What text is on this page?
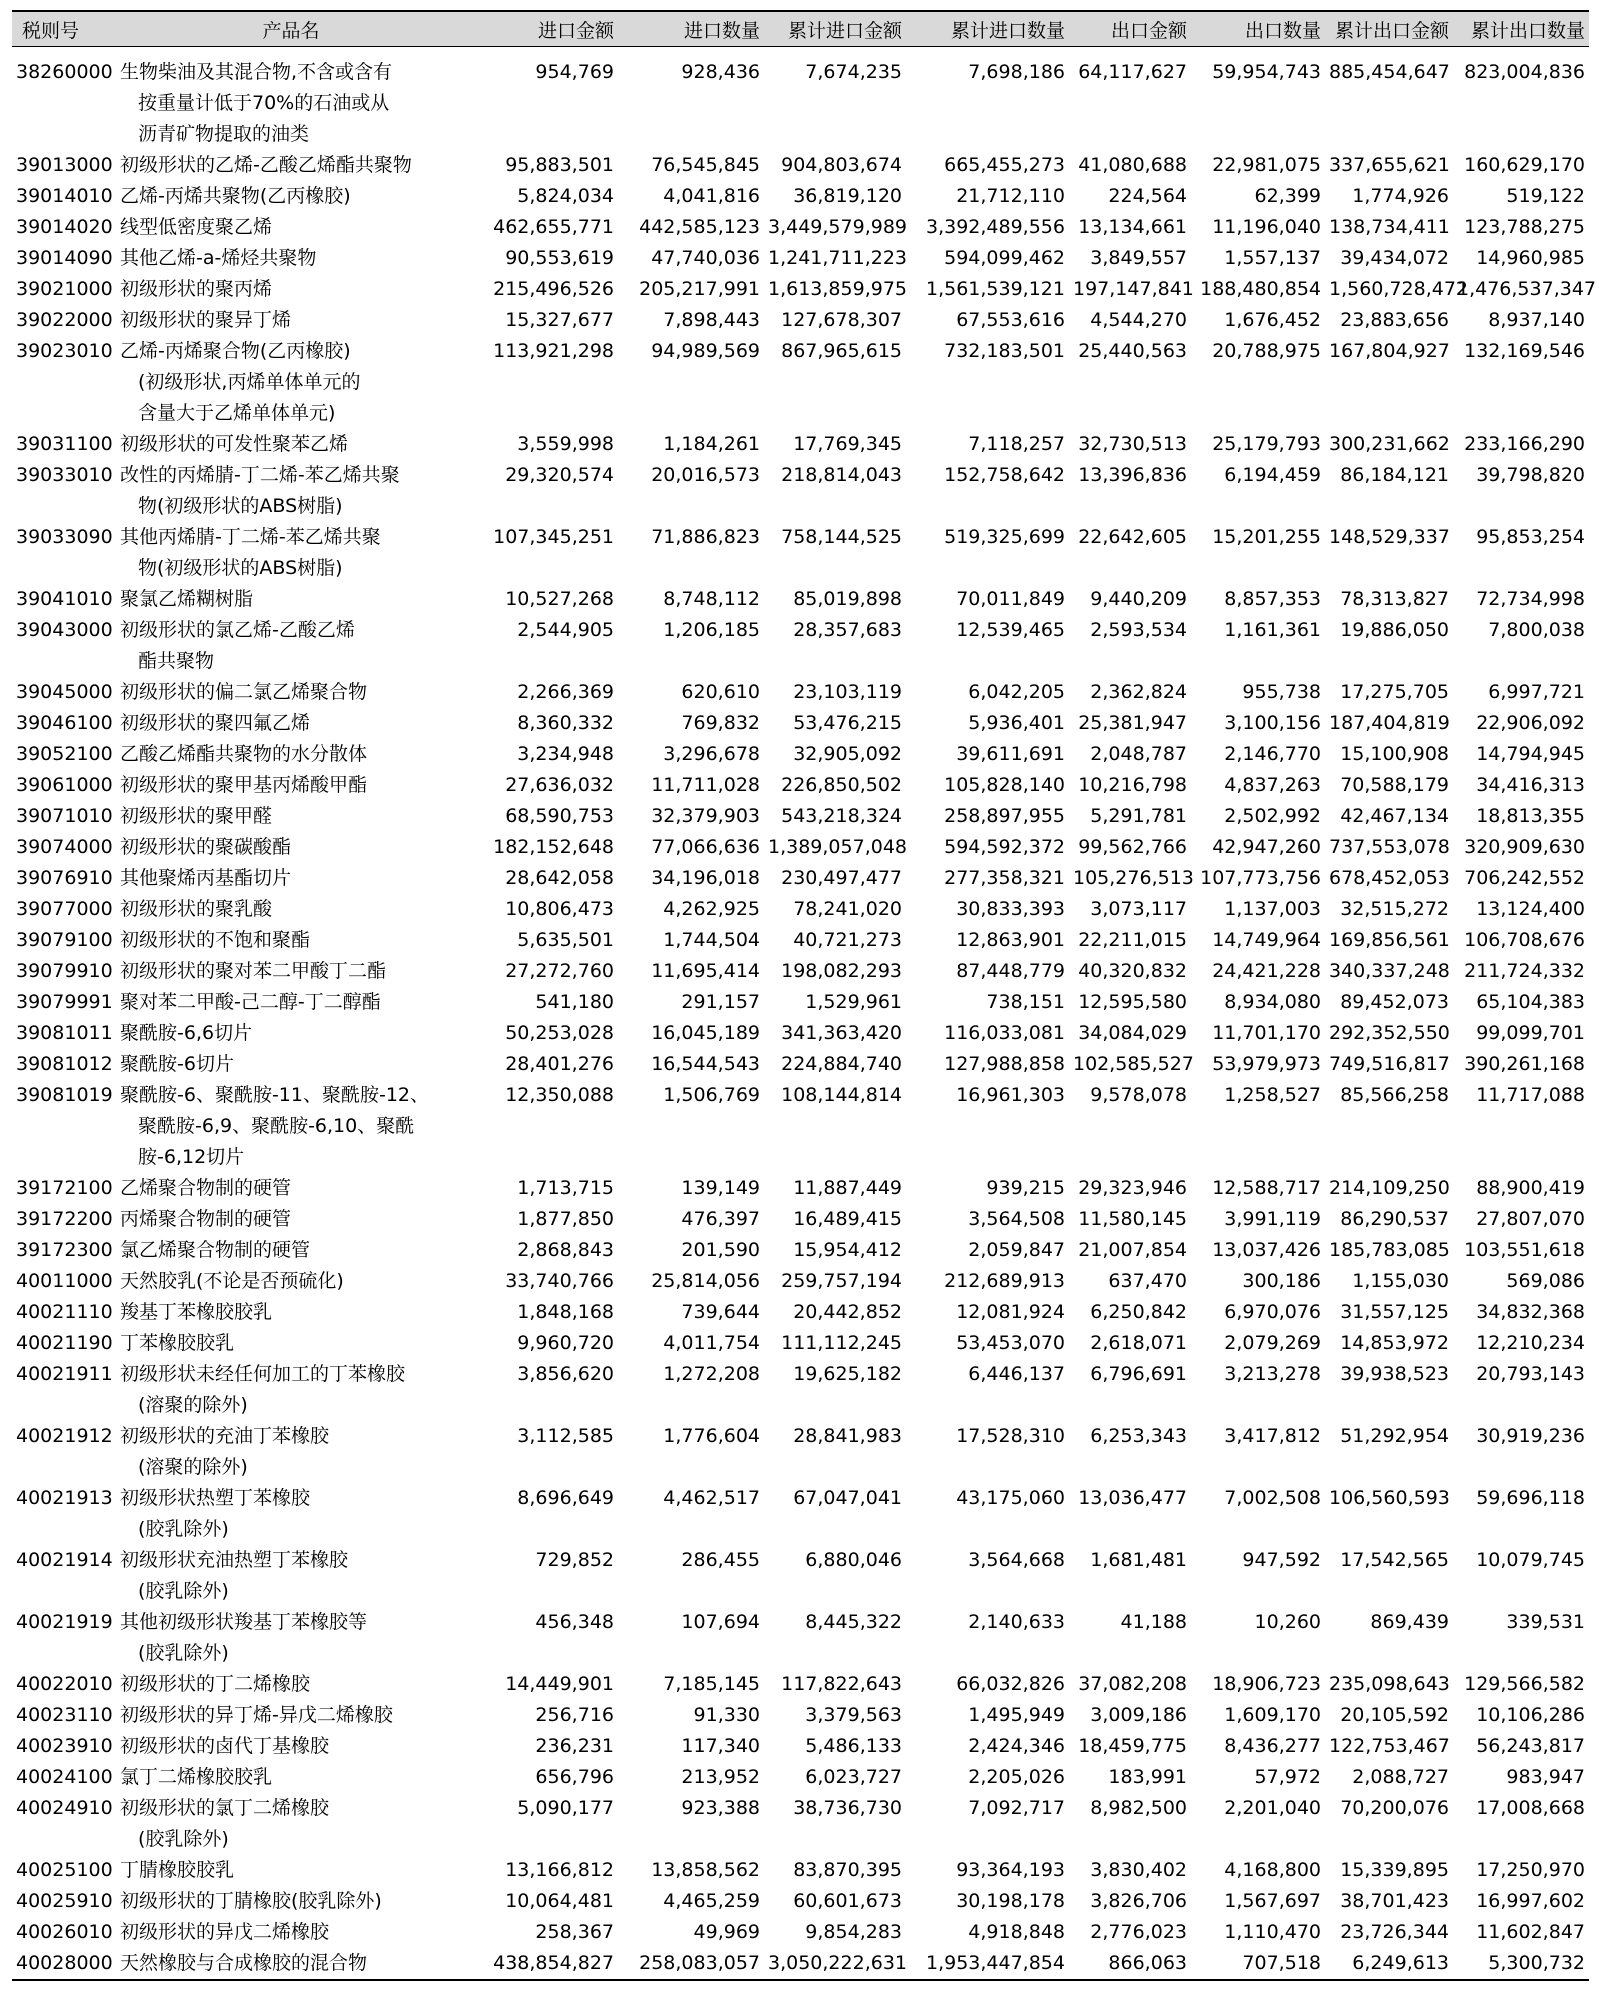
税则号	产品名	进口金额	进口数量	累计进口金额	累计进口数量	出口金额	出口数量	累计出口金额	累计出口数量

38260000	生物柴油及其混合物,不含或含有
按重量计低于70%的石油或从
沥青矿物提取的油类	954,769	928,436	7,674,235	7,698,186	64,117,627	59,954,743	885,454,647	823,004,836
39013000	初级形状的乙烯-乙酸乙烯酯共聚物	95,883,501	76,545,845	904,803,674	665,455,273	41,080,688	22,981,075	337,655,621	160,629,170
39014010	乙烯-丙烯共聚物(乙丙橡胶)	5,824,034	4,041,816	36,819,120	21,712,110	224,564	62,399	1,774,926	519,122
39014020	线型低密度聚乙烯	462,655,771	442,585,123	3,449,579,989	3,392,489,556	13,134,661	11,196,040	138,734,411	123,788,275
39014090	其他乙烯-a-烯烃共聚物	90,553,619	47,740,036	1,241,711,223	594,099,462	3,849,557	1,557,137	39,434,072	14,960,985
39021000	初级形状的聚丙烯	215,496,526	205,217,991	1,613,859,975	1,561,539,121	197,147,841	188,480,854	1,560,728,472	1,476,537,347
39022000	初级形状的聚异丁烯	15,327,677	7,898,443	127,678,307	67,553,616	4,544,270	1,676,452	23,883,656	8,937,140
39023010	乙烯-丙烯聚合物(乙丙橡胶)
(初级形状,丙烯单体单元的
含量大于乙烯单体单元)	113,921,298	94,989,569	867,965,615	732,183,501	25,440,563	20,788,975	167,804,927	132,169,546
39031100	初级形状的可发性聚苯乙烯	3,559,998	1,184,261	17,769,345	7,118,257	32,730,513	25,179,793	300,231,662	233,166,290
39033010	改性的丙烯腈-丁二烯-苯乙烯共聚
物(初级形状的ABS树脂)	29,320,574	20,016,573	218,814,043	152,758,642	13,396,836	6,194,459	86,184,121	39,798,820
39033090	其他丙烯腈-丁二烯-苯乙烯共聚
物(初级形状的ABS树脂)	107,345,251	71,886,823	758,144,525	519,325,699	22,642,605	15,201,255	148,529,337	95,853,254
39041010	聚氯乙烯糊树脂	10,527,268	8,748,112	85,019,898	70,011,849	9,440,209	8,857,353	78,313,827	72,734,998
39043000	初级形状的氯乙烯-乙酸乙烯
酯共聚物	2,544,905	1,206,185	28,357,683	12,539,465	2,593,534	1,161,361	19,886,050	7,800,038
39045000	初级形状的偏二氯乙烯聚合物	2,266,369	620,610	23,103,119	6,042,205	2,362,824	955,738	17,275,705	6,997,721
39046100	初级形状的聚四氟乙烯	8,360,332	769,832	53,476,215	5,936,401	25,381,947	3,100,156	187,404,819	22,906,092
39052100	乙酸乙烯酯共聚物的水分散体	3,234,948	3,296,678	32,905,092	39,611,691	2,048,787	2,146,770	15,100,908	14,794,945
39061000	初级形状的聚甲基丙烯酸甲酯	27,636,032	11,711,028	226,850,502	105,828,140	10,216,798	4,837,263	70,588,179	34,416,313
39071010	初级形状的聚甲醛	68,590,753	32,379,903	543,218,324	258,897,955	5,291,781	2,502,992	42,467,134	18,813,355
39074000	初级形状的聚碳酸酯	182,152,648	77,066,636	1,389,057,048	594,592,372	99,562,766	42,947,260	737,553,078	320,909,630
39076910	其他聚烯丙基酯切片	28,642,058	34,196,018	230,497,477	277,358,321	105,276,513	107,773,756	678,452,053	706,242,552
39077000	初级形状的聚乳酸	10,806,473	4,262,925	78,241,020	30,833,393	3,073,117	1,137,003	32,515,272	13,124,400
39079100	初级形状的不饱和聚酯	5,635,501	1,744,504	40,721,273	12,863,901	22,211,015	14,749,964	169,856,561	106,708,676
39079910	初级形状的聚对苯二甲酸丁二酯	27,272,760	11,695,414	198,082,293	87,448,779	40,320,832	24,421,228	340,337,248	211,724,332
39079991	聚对苯二甲酸-己二醇-丁二醇酯	541,180	291,157	1,529,961	738,151	12,595,580	8,934,080	89,452,073	65,104,383
39081011	聚酰胺-6,6切片	50,253,028	16,045,189	341,363,420	116,033,081	34,084,029	11,701,170	292,352,550	99,099,701
39081012	聚酰胺-6切片	28,401,276	16,544,543	224,884,740	127,988,858	102,585,527	53,979,973	749,516,817	390,261,168
39081019	聚酰胺-6、聚酰胺-11、聚酰胺-12、
聚酰胺-6,9、聚酰胺-6,10、聚酰
胺-6,12切片	12,350,088	1,506,769	108,144,814	16,961,303	9,578,078	1,258,527	85,566,258	11,717,088
39172100	乙烯聚合物制的硬管	1,713,715	139,149	11,887,449	939,215	29,323,946	12,588,717	214,109,250	88,900,419
39172200	丙烯聚合物制的硬管	1,877,850	476,397	16,489,415	3,564,508	11,580,145	3,991,119	86,290,537	27,807,070
39172300	氯乙烯聚合物制的硬管	2,868,843	201,590	15,954,412	2,059,847	21,007,854	13,037,426	185,783,085	103,551,618
40011000	天然胶乳(不论是否预硫化)	33,740,766	25,814,056	259,757,194	212,689,913	637,470	300,186	1,155,030	569,086
40021110	羧基丁苯橡胶胶乳	1,848,168	739,644	20,442,852	12,081,924	6,250,842	6,970,076	31,557,125	34,832,368
40021190	丁苯橡胶胶乳	9,960,720	4,011,754	111,112,245	53,453,070	2,618,071	2,079,269	14,853,972	12,210,234
40021911	初级形状未经任何加工的丁苯橡胶
(溶聚的除外)	3,856,620	1,272,208	19,625,182	6,446,137	6,796,691	3,213,278	39,938,523	20,793,143
40021912	初级形状的充油丁苯橡胶
(溶聚的除外)	3,112,585	1,776,604	28,841,983	17,528,310	6,253,343	3,417,812	51,292,954	30,919,236
40021913	初级形状热塑丁苯橡胶
(胶乳除外)	8,696,649	4,462,517	67,047,041	43,175,060	13,036,477	7,002,508	106,560,593	59,696,118
40021914	初级形状充油热塑丁苯橡胶
(胶乳除外)	729,852	286,455	6,880,046	3,564,668	1,681,481	947,592	17,542,565	10,079,745
40021919	其他初级形状羧基丁苯橡胶等
(胶乳除外)	456,348	107,694	8,445,322	2,140,633	41,188	10,260	869,439	339,531
40022010	初级形状的丁二烯橡胶	14,449,901	7,185,145	117,822,643	66,032,826	37,082,208	18,906,723	235,098,643	129,566,582
40023110	初级形状的异丁烯-异戊二烯橡胶	256,716	91,330	3,379,563	1,495,949	3,009,186	1,609,170	20,105,592	10,106,286
40023910	初级形状的卤代丁基橡胶	236,231	117,340	5,486,133	2,424,346	18,459,775	8,436,277	122,753,467	56,243,817
40024100	氯丁二烯橡胶胶乳	656,796	213,952	6,023,727	2,205,026	183,991	57,972	2,088,727	983,947
40024910	初级形状的氯丁二烯橡胶
(胶乳除外)	5,090,177	923,388	38,736,730	7,092,717	8,982,500	2,201,040	70,200,076	17,008,668
40025100	丁腈橡胶胶乳	13,166,812	13,858,562	83,870,395	93,364,193	3,830,402	4,168,800	15,339,895	17,250,970
40025910	初级形状的丁腈橡胶(胶乳除外)	10,064,481	4,465,259	60,601,673	30,198,178	3,826,706	1,567,697	38,701,423	16,997,602
40026010	初级形状的异戊二烯橡胶	258,367	49,969	9,854,283	4,918,848	2,776,023	1,110,470	23,726,344	11,602,847
40028000	天然橡胶与合成橡胶的混合物	438,854,827	258,083,057	3,050,222,631	1,953,447,854	866,063	707,518	6,249,613	5,300,732
